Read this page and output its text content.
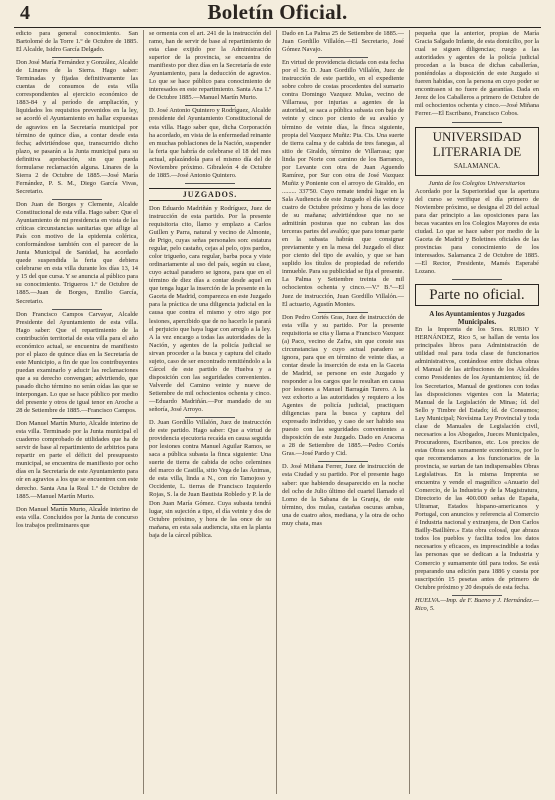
4	Boletín Oficial.

edicto para general conocimiento. San Bartolomé de la Torre 1.º de Octubre de 1885. El Alcalde, Isidro García Delgado.

Don José María Fernández y González, Alcalde de Linares de la Sierra. Hago saber: Terminadas y fijadas definitivamente las cuentas de consumos de esta villa correspondientes al ejercicio económico de 1883-84 y al período de ampliación, y liquidados los requisitos prevenidos en la ley, se acordó el Ayuntamiento en hallar expuestas de agravios en la Secretaría municipal por término de quince días, a contar desde esta fecha; advirtiéndose que, transcurrido dicho plazo, se pasarán a la Junta municipal para su definitiva aprobación, sin que pueda formularse reclamación alguna. Linares de la Sierra 2 de Octubre de 1885.—José María Fernández, P. S. M., Diego García Vivas, Secretario.

Don Juan de Borges y Clemente, Alcalde Constitucional de esta villa. Hago saber: Que el Ayuntamiento de mi presidencia en vista de las críticas circunstancias sanitarias que aflige al País con motivo de la epidemia colérica, conformándose también con el parecer de la Junta Municipal de Sanidad, ha acordado quede suspendida la feria que debiera celebrarse en esta villa durante los días 13, 14 y 15 del que cursa. Y se anuncia al público para su conocimiento. Trigueros 1.º de Octubre de 1885.—Juan de Borges, Emilio García, Secretario.

Don Francisco Campos Carvayar, Alcalde Presidente del Ayuntamiento de esta villa. Hago saber: Que el repartimiento de la contribución territorial de esta villa para el año económico actual, se encuentra de manifiesto por el plazo de quince días en la Secretaría de este Municipio, a fin de que los contribuyentes puedan examinarlo y aducir las reclamaciones que a su derecho convengan; advirtiendo, que pasado dicho término no serán oídas las que se interpongan. Lo que se hace público por medio del presente y otros de igual tenor en Aroche a 28 de Setiembre de 1885.—Francisco Campos.

Don Manuel Martín Murto, Alcalde interino de esta villa. Terminado por la Junta municipal el cuaderno comprobado de utilidades que ha de servir de base al repartimiento de arbitrios para repartir en parte el déficit del presupuesto municipal, se encuentra de manifiesto por ocho días en la Secretaría de este Ayuntamiento para oír en agravios a los que se encuentren con este derecho. Santa Ana la Real 1.º de Octubre de 1885.—Manuel Martín Murto.

Don Manuel Martín Murto, Alcalde interino de esta villa. Concluidos por la Junta de concurso los trabajos preliminares que

se ormenta con el art. 241 de la instrucción del ramo, han de servir de base al repartimiento de esta clase exijido por la Administración superior de la provincia, se encuentra de manifiesto por diez días en la Secretaría de este Ayuntamiento, para la deducción de agravios. Lo que se hace público para conocimiento de interesados en este repartimiento. Santa Ana 1.º de Octubre 1885.—Manuel Martín Murto.

D. José Antonio Quintero y Rodríguez, Alcalde presidente del Ayuntamiento Constitucional de esta villa. Hago saber que, dicha Corporación ha acordado, en vista de la enfermedad reinante en muchas poblaciones de la Nación, suspender la feria que habría de celebrarse el 18 del mes actual, aplazándola para el mismo día del de Noviembre próximo. Gibraleón 4 de Octubre de 1885.—José Antonio Quintero.

JUZGADOS.

Don Eduardo Madriñán y Rodríguez, Juez de instrucción de esta partido. Por la presente requisitoria cito, llamo y emplazo a Carlos Guillen y Parra, natural y vecino de Almonte, de Prigo, cuyas señas personales son: estatura regular, pelo castaño, cejas al pelo, ojos pardos, color trigueño, cara regular, barba poca y viste ordinariamente al uso del país, según su clase, cuyo actual paradero se ignora, para que en el término de diez días a contar desde aquel en que tenga lugar la inserción de la presente en la Gaceta de Madrid, comparezca en este Juzgado para la práctica de una diligencia judicial en la causa que contra el mismo y otro sigo por lesiones, apercibido que de no hacerlo le parará el perjuicio que haya lugar con arreglo a la ley. A la vez encargo a todas las autoridades de la Nación, y agentes de la policía judicial se sirvan proceder a la busca y captura del citado sujeto, caso de ser encontrado remitiéndolo a la Cárcel de este partido de Huelva y a disposición con las seguridades convenientes. Valverde del Camino veinte y nueve de Setiembre de mil ochocientos ochenta y cinco.—Eduardo Madriñán.—Por mandado de su señoría, José Arroyo.

D. Juan Gordillo Villalón, Juez de instrucción de este partido. Hago saber: Que a virtud de providencia ejecutoria recaída en causa seguida por lesiones contra Manuel Aguilar Ramos, se saca a pública subasta la finca siguiente: Una suerte de tierra de cabida de ocho celemines del marco de Castilla, sitio Vega de las Ánimas, de esta villa, linda a N., con río Tamojoso y Occidente, L. tierras de Francisco Izquierdo Rojas, S. la de Juan Bautista Robledo y P. la de Don Juan María Gómez. Cuya subasta tendrá lugar, sin sujeción a tipo, el día veinte y dos de Octubre próximo, y hora de las once de su mañana, en esta sala audiencia, sita en la planta baja de la cárcel pública.

Dado en La Palma 25 de Setiembre de 1885.—Juan Gordillo Villalón.—El Secretario, José Gómez Navajo.

En virtud de providencia dictada con esta fecha por el Sr. D. Juan Gordillo Villalón, Juez de instrucción de este partido, en el expediente sobre cobro de costas procedentes del sumario contra Domingo Vazquez Mulas, vecino de Villarrasa, por injurias a agentes de la autoridad, se saca a pública subasta con baja de veinte y cinco por ciento de su avalúo y término de veinte días, la finca siguiente, propia del Vazquez Muñiz: Pta. Cts. Una suerte de tierra calma y de cabida de tres fanegas, al sitio de Giraldo, término de Villarrasa; que linda por Norte con camino de los Barranco, por Levante con otra de Juan Aguendo Ramírez, por Sur con otra de José Vazquez Muñiz y Poniente con el arroyo de Giraldo, en ......... 337'50. Cuyo remate tendrá lugar en la Sala Audiencia de este Juzgado el día veinte y cuatro de Octubre próximo y hora de las doce de su mañana; advirtiéndose que no se admitirán posturas que no cubran las dos terceras partes del avalúo; que para tomar parte en la subasta habrán que consignar previamente y en la mesa del Juzgado el diez por ciento del tipo de avalúo, y que se han suplido los títulos de propiedad de referido inmueble. Para su publicidad se fija el presente. La Palma y Setiembre treinta de mil ochocientos ochenta y cinco.—V.º B.º—El Juez de instrucción, Juan Gordillo Villalón.—El actuario, Agustín Montes.

Don Pedro Cortés Gras, Juez de instrucción de esta villa y su partido. Por la presente requisitoria se cita y llama a Francisco Vazquez (a) Paco, vecino de Zafra, sin que conste sus circunstancias y cuyo actual paradero se ignora, para que en término de veinte días, a contar desde la inserción de esta en la Gaceta de Madrid, se persone en este Juzgado y responder a los cargos que le resultan en causa por lesiones a Manuel Barragán Tarero. A la vez exhorto a las autoridades y requiero a los Agentes de policía judicial, practiquen diligencias para la busca y captura del expresado individuo, y caso de ser habido sea puesto con las seguridades convenientes a disposición de este Juzgado. Dado en Aracena a 28 de Setiembre de 1885.—Pedro Cortés Gras.—José Pardo y Cid.

D. José Miñana Ferrer, Juez de instrucción de esta Ciudad y su partido. Por el presente hago saber: que habiendo desaparecido en la noche del ocho de Julio último del cuartel llamado el Lomo de la Sabana de la Granja, de este término, dos mulas, castañas oscuras ambas, una de cuatro años, mediana, y la otra de ocho muy chata, mas

pequeña que la anterior, propias de María Gracia Salgado Infante, de esta domicilio, por la cual se siguen diligencias; ruego a las autoridades y agentes de la policía judicial procedan a la busca de dichas caballerías, poniéndolas a disposición de este Juzgado si fueren habidas, con la persona en cuyo poder se encontrasen si no fuere de garantías. Dada en Jerez de los Caballeros a primero de Octubre de mil ochocientos ochenta y cinco.—José Miñana Ferrer.—El Escribano, Francisco Cobos.

UNIVERSIDAD LITERARIA DE
SALAMANCA.

Junta de los Colegios Universitarios

Acordado por la Superioridad que la apertura del curso se verifique el día primero de Noviembre próximo, se designa el 20 del actual para dar principio a las oposiciones para las becas vacantes en los Colegios Mayores de esta ciudad. Lo que se hace saber por medio de la Gaceta de Madrid y Boletines oficiales de las provincias para conocimiento de los interesados. Salamanca 2 de Octubre de 1885.—El Rector, Presidente, Mamés Esperabé Lozano.

Parte no oficial.

A los Ayuntamientos y Juzgados Municipales.

En la Imprenta de los Sres. RUBIO Y HERNÁNDEZ, Rico 5, se hallan de venta los principales libros para Administración de utilidad real para toda clase de funcionarios administrativos, contándose entre dichas obras el Manual de las atribuciones de los Alcaldes como Presidentes de los Ayuntamientos; íd. de los Secretarios, Manual de gestiones con todas las disposiciones vigentes con la Materia; Manual de la Legislación de Minas; íd. del Sello y Timbre del Estado; íd. de Consumos; Ley Municipal; Novísima Ley Provincial y toda clase de Manuales de Legislación civil, necesarios a los Abogados, Jueces Municipales, Procuradores, Escribanos, etc. Los precios de estas Obras son sumamente económicos, por lo que recomendamos a los funcionarios de la provincia, se surtan de tan indispensables Obras Legislativas. En la misma Imprenta se encuentra y vende el magnífico «Anuario del Comercio, de la Industria y de la Magistratura, Directorio de las 400.000 señas de España, Ultramar, Estados hispano-americanos y Portugal, con anuncios y referencia al Comercio é Industria nacional y extranjera, de Don Carlos Bailly-Baillière.» Esta obra colosal, que abraza todos los pueblos y facilita todos los datos necesarios y eficaces, es imprescindible a todas las personas que se dedican a la Industria y Comercio y sumamente útil para todos. Se está preparando una edición para 1886 y cuesta por suscripción 15 pesetas antes de primero de Octubre próximo y 20 después de esta fecha.

HUELVA.—Imp. de F. Bueno y J. Hernández.—Rico, 5.
